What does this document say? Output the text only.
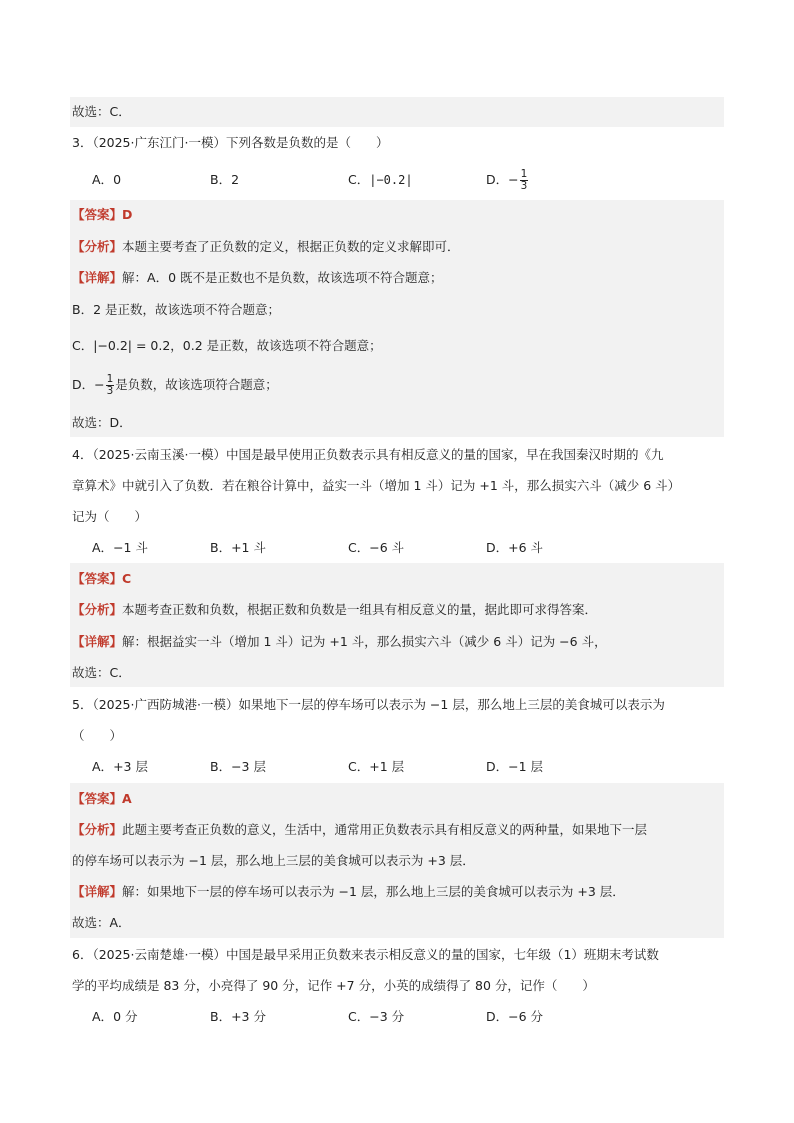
故选：C．
3．（2025·广东江门·一模）下列各数是负数的是（　　）
A．0	B．2	C．|−0.2|	D．− $\frac{1}{3}$
【答案】D
【分析】本题主要考查了正负数的定义，根据正负数的定义求解即可．
【详解】解：A．0 既不是正数也不是负数，故该选项不符合题意；
B．2 是正数，故该选项不符合题意；
C．|−0.2| = 0.2，0.2 是正数，故该选项不符合题意；
D．− $\frac{1}{3}$ 是负数，故该选项符合题意；
故选：D．
4．（2025·云南玉溪·一模）中国是最早使用正负数表示具有相反意义的量的国家，早在我国秦汉时期的《九
章算术》中就引入了负数．若在粮谷计算中，益实一斗（增加 1 斗）记为 +1 斗，那么损实六斗（减少 6 斗）
记为（　　）
A．−1 斗	B．+1 斗	C．−6 斗	D．+6 斗
【答案】C
【分析】本题考查正数和负数，根据正数和负数是一组具有相反意义的量，据此即可求得答案．
【详解】解：根据益实一斗（增加 1 斗）记为 +1 斗，那么损实六斗（减少 6 斗）记为 −6 斗，
故选：C．
5．（2025·广西防城港·一模）如果地下一层的停车场可以表示为 −1 层，那么地上三层的美食城可以表示为
（　　）
A．+3 层	B．−3 层	C．+1 层	D．−1 层
【答案】A
【分析】此题主要考查正负数的意义，生活中，通常用正负数表示具有相反意义的两种量，如果地下一层
的停车场可以表示为 −1 层，那么地上三层的美食城可以表示为 +3 层．
【详解】解：如果地下一层的停车场可以表示为 −1 层，那么地上三层的美食城可以表示为 +3 层．
故选：A．
6．（2025·云南楚雄·一模）中国是最早采用正负数来表示相反意义的量的国家，七年级（1）班期末考试数
学的平均成绩是 83 分，小亮得了 90 分，记作 +7 分，小英的成绩得了 80 分，记作（　　）
A．0 分	B．+3 分	C．−3 分	D．−6 分
